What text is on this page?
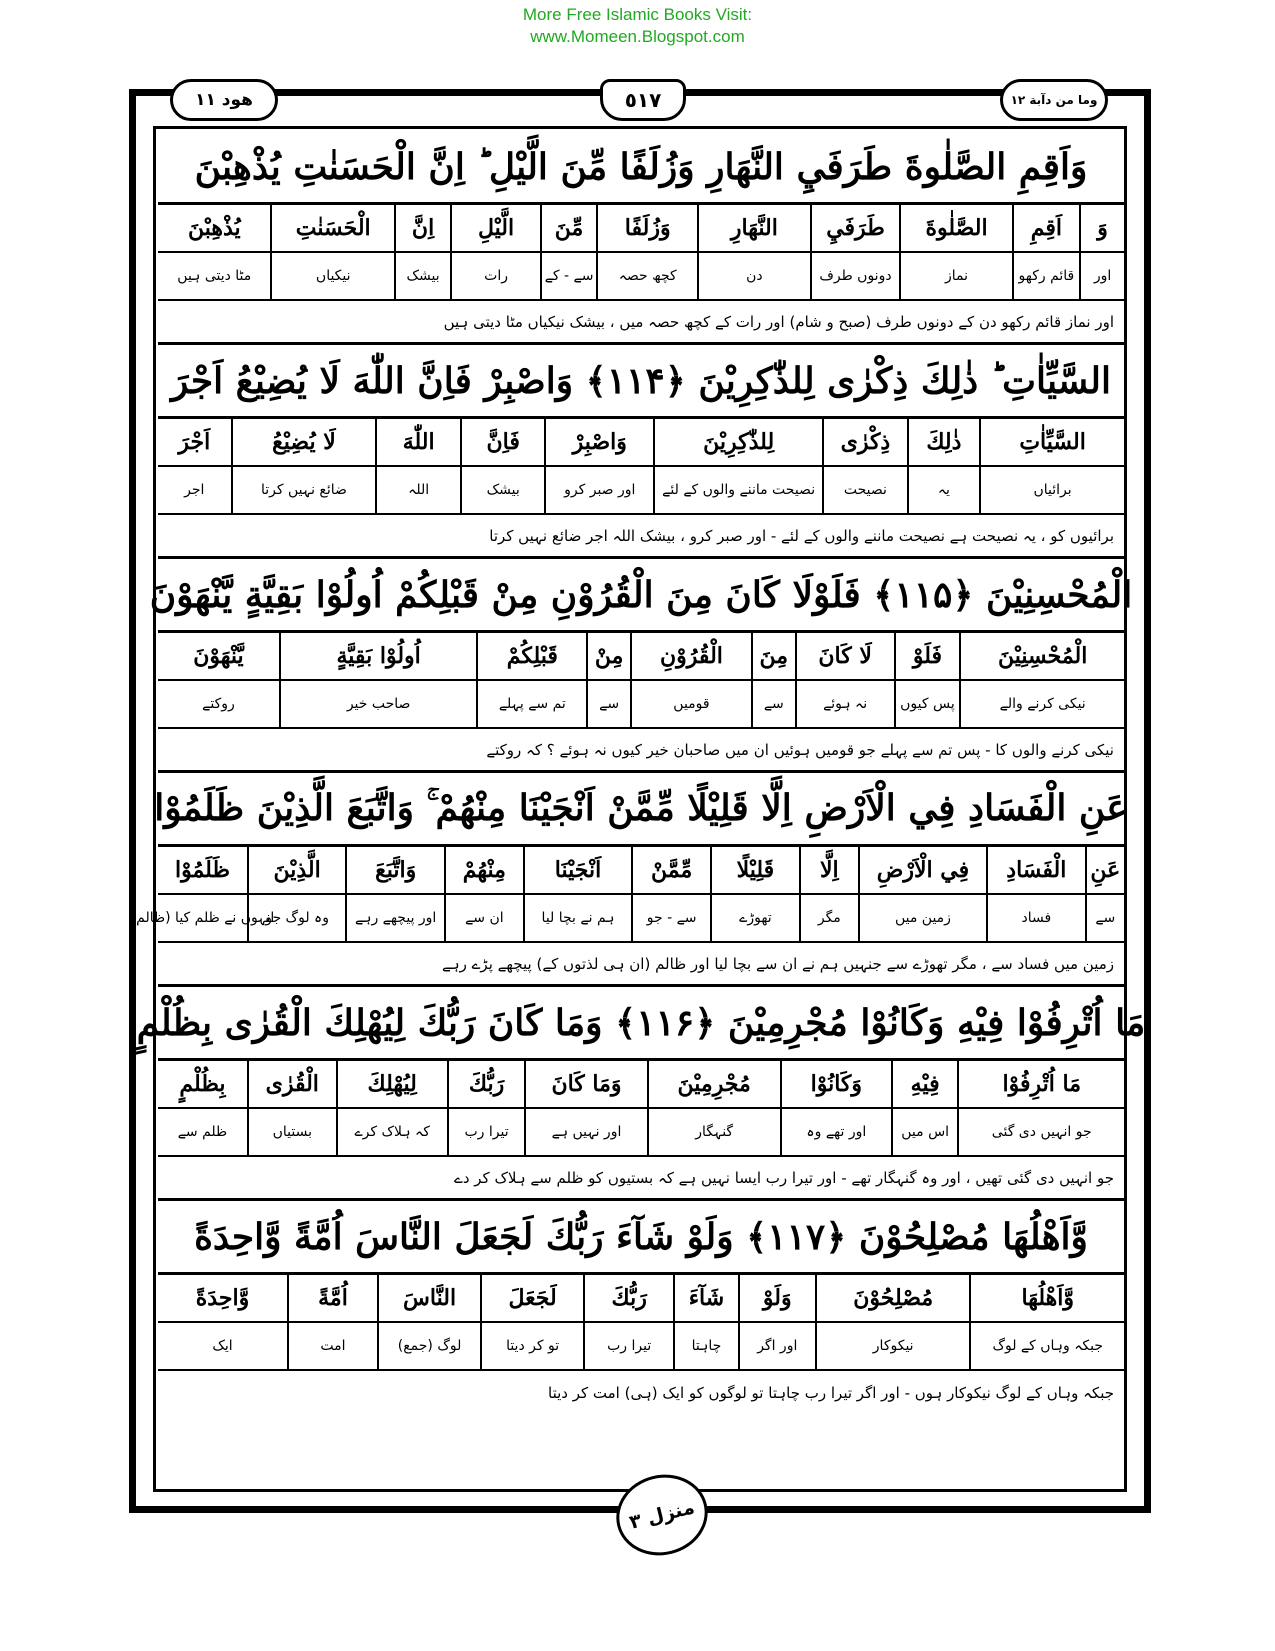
More Free Islamic Books Visit:
www.Momeen.Blogspot.com
هود ١١	٥١٧	وما من دآبة ١٢
وَاَقِمِ الصَّلٰوةَ طَرَفَيِ النَّهَارِ وَزُلَفًا مِّنَ الَّيْلِ ؕ اِنَّ الْحَسَنٰتِ يُذْهِبْنَ
وَ
اَقِمِ
الصَّلٰوةَ
طَرَفَيِ
النَّهَارِ
وَزُلَفًا
مِّنَ
الَّيْلِ
اِنَّ
الْحَسَنٰتِ
يُذْهِبْنَ
اور
قائم رکھو
نماز
دونوں طرف
دن
کچھ حصہ
سے - کے
رات
بیشک
نیکیاں
مٹا دیتی ہیں
اور نماز قائم رکھو دن کے دونوں طرف (صبح و شام) اور رات کے کچھ حصہ میں ، بیشک نیکیاں مٹا دیتی ہیں
السَّيِّاٰتِ ؕ ذٰلِكَ ذِكْرٰى لِلذّٰكِرِيْنَ ﴿۱۱۴﴾ وَاصْبِرْ فَاِنَّ اللّٰهَ لَا يُضِيْعُ اَجْرَ
السَّيِّاٰتِ
ذٰلِكَ
ذِكْرٰى
لِلذّٰكِرِيْنَ
وَاصْبِرْ
فَاِنَّ
اللّٰهَ
لَا يُضِيْعُ
اَجْرَ
برائیاں
یہ
نصیحت
نصیحت ماننے والوں کے لئے
اور صبر کرو
بیشک
اللہ
ضائع نہیں کرتا
اجر
برائیوں کو ، یہ نصیحت ہے نصیحت ماننے والوں کے لئے - اور صبر کرو ، بیشک اللہ اجر ضائع نہیں کرتا
الْمُحْسِنِيْنَ ﴿۱۱۵﴾ فَلَوْلَا كَانَ مِنَ الْقُرُوْنِ مِنْ قَبْلِكُمْ اُولُوْا بَقِيَّةٍ يَّنْهَوْنَ
الْمُحْسِنِيْنَ
فَلَوْ
لَا كَانَ
مِنَ
الْقُرُوْنِ
مِنْ
قَبْلِكُمْ
اُولُوْا بَقِيَّةٍ
يَّنْهَوْنَ
نیکی کرنے والے
پس کیوں
نہ ہوئے
سے
قومیں
سے
تم سے پہلے
صاحب خیر
روکتے
نیکی کرنے والوں کا - پس تم سے پہلے جو قومیں ہوئیں ان میں صاحبان خیر کیوں نہ ہوئے ؟ کہ روکتے
عَنِ الْفَسَادِ فِي الْاَرْضِ اِلَّا قَلِيْلًا مِّمَّنْ اَنْجَيْنَا مِنْهُمْ ۚ وَاتَّبَعَ الَّذِيْنَ ظَلَمُوْا
عَنِ
الْفَسَادِ
فِي الْاَرْضِ
اِلَّا
قَلِيْلًا
مِّمَّنْ
اَنْجَيْنَا
مِنْهُمْ
وَاتَّبَعَ
الَّذِيْنَ
ظَلَمُوْا
سے
فساد
زمین میں
مگر
تھوڑے
سے - جو
ہم نے بچا لیا
ان سے
اور پیچھے رہے
وہ لوگ جو
انہوں نے ظلم کیا (ظالم)
زمین میں فساد سے ، مگر تھوڑے سے جنہیں ہم نے ان سے بچا لیا اور ظالم (ان ہی لذتوں کے) پیچھے پڑے رہے
مَا اُتْرِفُوْا فِيْهِ وَكَانُوْا مُجْرِمِيْنَ ﴿۱۱۶﴾ وَمَا كَانَ رَبُّكَ لِيُهْلِكَ الْقُرٰى بِظُلْمٍ
مَا اُتْرِفُوْا
فِيْهِ
وَكَانُوْا
مُجْرِمِيْنَ
وَمَا كَانَ
رَبُّكَ
لِيُهْلِكَ
الْقُرٰى
بِظُلْمٍ
جو انہیں دی گئی
اس میں
اور تھے وہ
گنہگار
اور نہیں ہے
تیرا رب
کہ ہلاک کرے
بستیاں
ظلم سے
جو انہیں دی گئی تھیں ، اور وہ گنہگار تھے - اور تیرا رب ایسا نہیں ہے کہ بستیوں کو ظلم سے ہلاک کر دے
وَّاَهْلُهَا مُصْلِحُوْنَ ﴿۱۱۷﴾ وَلَوْ شَآءَ رَبُّكَ لَجَعَلَ النَّاسَ اُمَّةً وَّاحِدَةً
وَّاَهْلُهَا
مُصْلِحُوْنَ
وَلَوْ
شَآءَ
رَبُّكَ
لَجَعَلَ
النَّاسَ
اُمَّةً
وَّاحِدَةً
جبکہ وہاں کے لوگ
نیکوکار
اور اگر
چاہتا
تیرا رب
تو کر دیتا
لوگ (جمع)
امت
ایک
جبکہ وہاں کے لوگ نیکوکار ہوں - اور اگر تیرا رب چاہتا تو لوگوں کو ایک (ہی) امت کر دیتا
منزل ٣
